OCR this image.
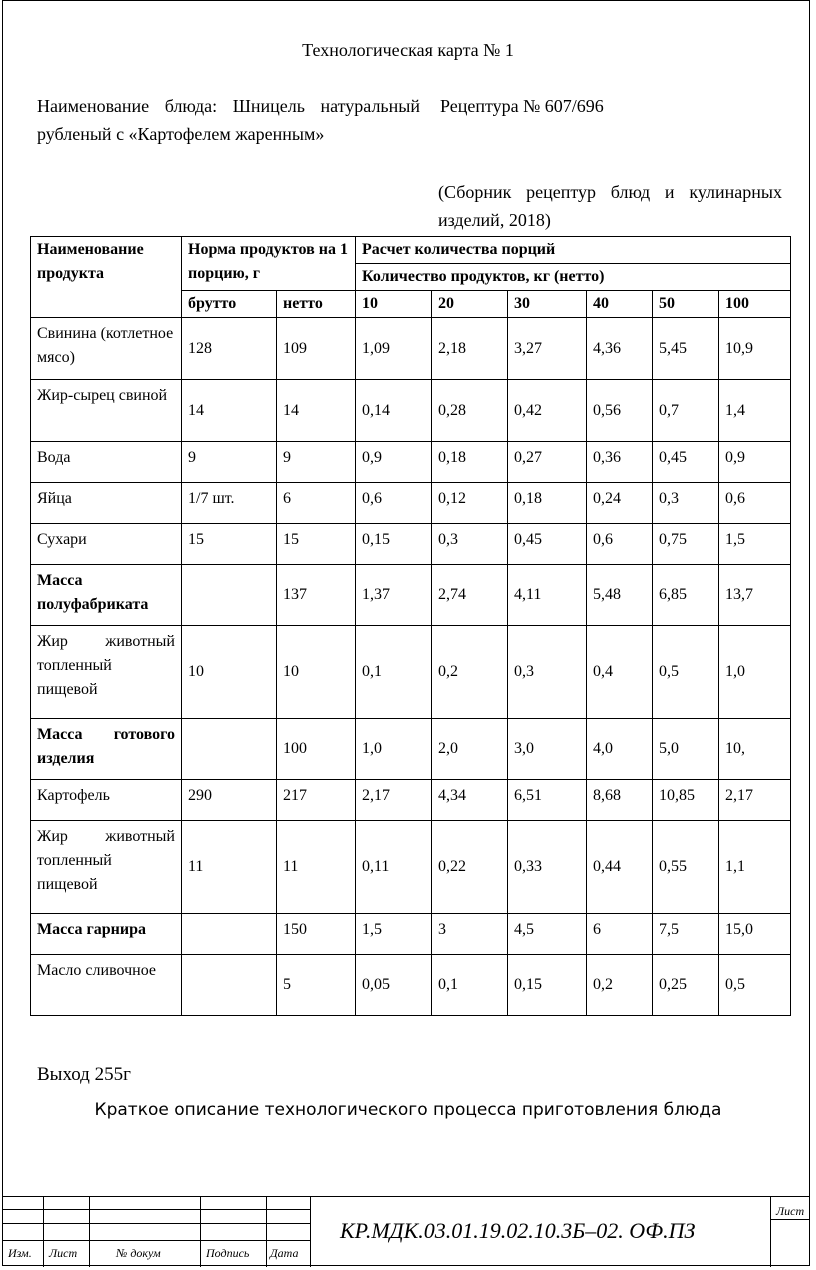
Технологическая карта № 1
Наименование блюда: Шницель натуральный рубленый с «Картофелем жаренным»
Рецептура № 607/696
(Сборник рецептур блюд и кулинарных изделий, 2018)
Наименование продукта	Норма продуктов на 1 порцию, г		Расчет количества порций					
			Количество продуктов, кг (нетто)					
	брутто	нетто	10	20	30	40	50	100
Свинина (котлетное мясо)	128	109	1,09	2,18	3,27	4,36	5,45	10,9
Жир-сырец свиной	14	14	0,14	0,28	0,42	0,56	0,7	1,4
Вода	9	9	0,9	0,18	0,27	0,36	0,45	0,9
Яйца	1/7 шт.	6	0,6	0,12	0,18	0,24	0,3	0,6
Сухари	15	15	0,15	0,3	0,45	0,6	0,75	1,5
Масса полуфабриката		137	1,37	2,74	4,11	5,48	6,85	13,7
Жир животный топленный пищевой	10	10	0,1	0,2	0,3	0,4	0,5	1,0
Масса готового изделия		100	1,0	2,0	3,0	4,0	5,0	10,
Картофель	290	217	2,17	4,34	6,51	8,68	10,85	2,17
Жир животный топленный пищевой	11	11	0,11	0,22	0,33	0,44	0,55	1,1
Масса гарнира		150	1,5	3	4,5	6	7,5	15,0
Масло сливочное		5	0,05	0,1	0,15	0,2	0,25	0,5
Выход 255г
Краткое описание технологического процесса приготовления блюда
Изм. Лист	№ докум	Подпись Дата
КР.МДК.03.01.19.02.10.3Б–02. ОФ.ПЗ
Лист
